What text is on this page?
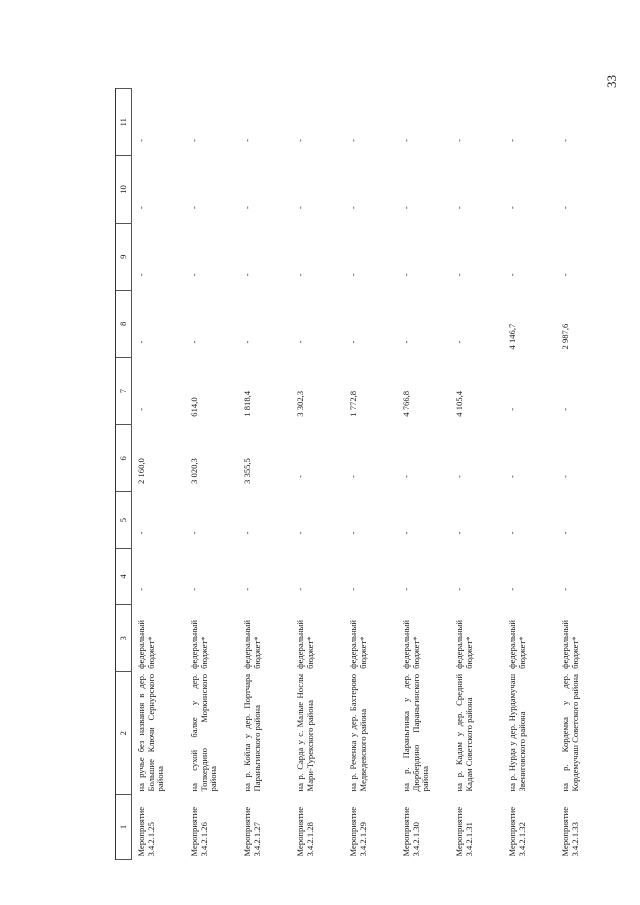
33
1	2	3	4	5	6	7	8	9	10	11
Мероприятие 3.4.2.1.25	на ручье без названия в дер. Большие Ключи Сернурского района	федеральный бюджет*	-	-	2 160,0	-	-	-	-	-
Мероприятие 3.4.2.1.26	на сухой балке у дер. Топкердино Моркинского района	федеральный бюджет*	-	-	3 020,3	614,0	-	-	-	-
Мероприятие 3.4.2.1.27	на р. Койла у дер. Портчара Параньгинского района	федеральный бюджет*	-	-	3 355,5	1 818,4	-	-	-	-
Мероприятие 3.4.2.1.28	на р. Сарда у с. Малые Нослы Мари-Турекского района	федеральный бюджет*	-	-	-	3 302,3	-	-	-	-
Мероприятие 3.4.2.1.29	на р. Реченка у дер. Бахтерово Медведевского района	федеральный бюджет*	-	-	-	1 772,8	-	-	-	-
Мероприятие 3.4.2.1.30	на р. Параньгинка у дер. Дюрбердино Параньгинского района	федеральный бюджет*	-	-	-	4 766,8	-	-	-	-
Мероприятие 3.4.2.1.31	на р. Кадам у дер. Средний Кадам Советского района	федеральный бюджет*	-	-	-	4 105,4	-	-	-	-
Мероприятие 3.4.2.1.32	на р. Нурда у дер. Нурдамучаш Звениговского района	федеральный бюджет*	-	-	-	-	4 146,7	-	-	-
Мероприятие 3.4.2.1.33	на р. Кордемка у дер. Кордемучаш Советского района	федеральный бюджет*	-	-	-	-	2 987,6	-	-	-
